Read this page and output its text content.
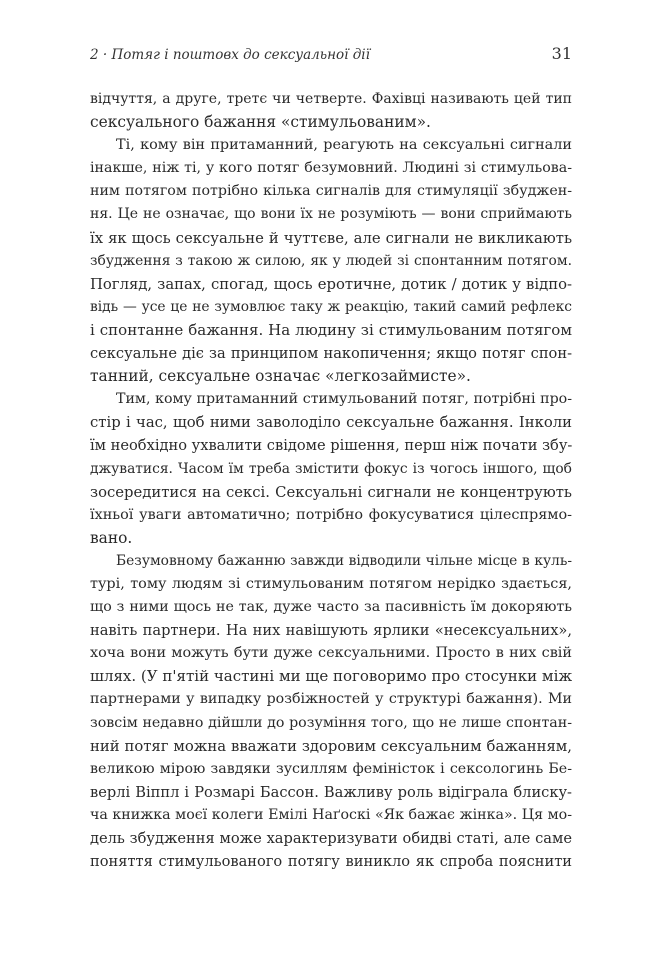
2 · Потяг і поштовх до сексуальної дії	31
відчуття, а друге, третє чи четверте. Фахівці називають цей тип
сексуального бажання «стимульованим».
Ті, кому він притаманний, реагують на сексуальні сигнали
інакше, ніж ті, у кого потяг безумовний. Людині зі стимульова-
ним потягом потрібно кілька сигналів для стимуляції збуджен-
ня. Це не означає, що вони їх не розуміють — вони сприймають
їх як щось сексуальне й чуттєве, але сигнали не викликають
збудження з такою ж силою, як у людей зі спонтанним потягом.
Погляд, запах, спогад, щось еротичне, дотик / дотик у відпо-
відь — усе це не зумовлює таку ж реакцію, такий самий рефлекс
і спонтанне бажання. На людину зі стимульованим потягом
сексуальне діє за принципом накопичення; якщо потяг спон-
танний, сексуальне означає «легкозаймисте».
Тим, кому притаманний стимульований потяг, потрібні про-
стір і час, щоб ними заволоділо сексуальне бажання. Інколи
їм необхідно ухвалити свідоме рішення, перш ніж почати збу-
джуватися. Часом їм треба змістити фокус із чогось іншого, щоб
зосередитися на сексі. Сексуальні сигнали не концентрують
їхньої уваги автоматично; потрібно фокусуватися цілеспрямо-
вано.
Безумовному бажанню завжди відводили чільне місце в куль-
турі, тому людям зі стимульованим потягом нерідко здається,
що з ними щось не так, дуже часто за пасивність їм докоряють
навіть партнери. На них навішують ярлики «несексуальних»,
хоча вони можуть бути дуже сексуальними. Просто в них свій
шлях. (У п'ятій частині ми ще поговоримо про стосунки між
партнерами у випадку розбіжностей у структурі бажання). Ми
зовсім недавно дійшли до розуміння того, що не лише спонтан-
ний потяг можна вважати здоровим сексуальним бажанням,
великою мірою завдяки зусиллям феміністок і сексологинь Бе-
верлі Віппл і Розмарі Бассон. Важливу роль відіграла блиску-
ча книжка моєї колеги Емілі Наґоскі «Як бажає жінка». Ця мо-
дель збудження може характеризувати обидві статі, але саме
поняття стимульованого потягу виникло як спроба пояснити
